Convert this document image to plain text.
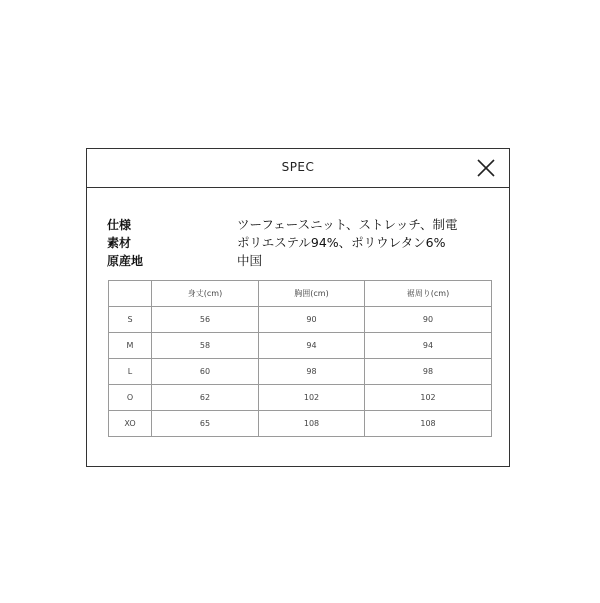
SPEC
仕様	ツーフェースニット、ストレッチ、制電
素材	ポリエステル94%、ポリウレタン6%
原産地	中国
	身丈(cm)	胸囲(cm)	裾周り(cm)
S	56	90	90
M	58	94	94
L	60	98	98
O	62	102	102
XO	65	108	108
